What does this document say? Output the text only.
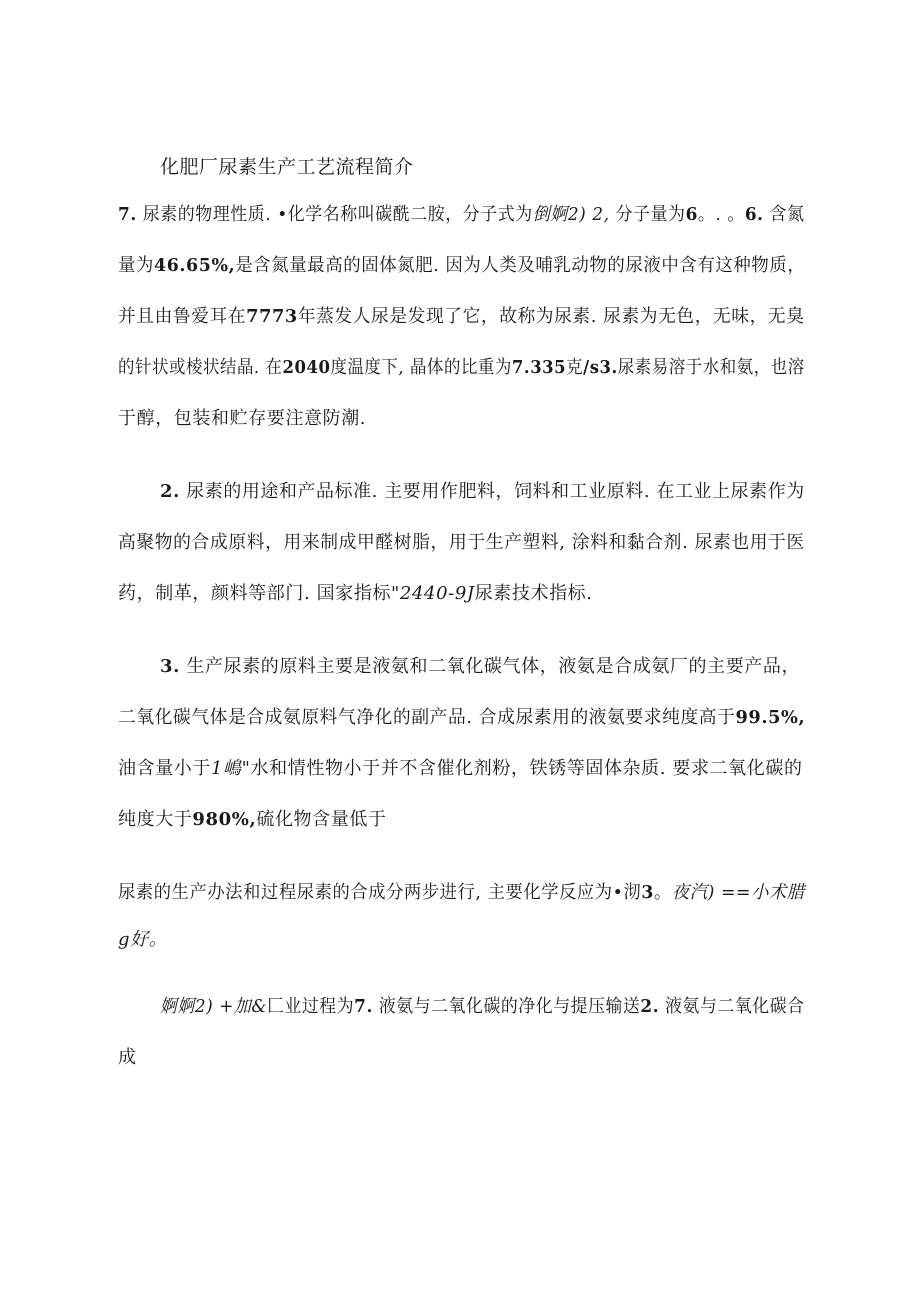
化肥厂尿素生产工艺流程简介
7. 尿素的物理性质. •化学名称叫碳酰二胺，分子式为倒婀2) 2, 分子量为6。. 。6. 含氮
量为46.65%,是含氮量最高的固体氮肥. 因为人类及哺乳动物的尿液中含有这种物质，
并且由鲁爱耳在7773年蒸发人尿是发现了它，故称为尿素. 尿素为无色，无味，无臭
的针状或棱状结晶. 在2040度温度下, 晶体的比重为7.335克/s3.尿素易溶于水和氨，也溶
于醇，包装和贮存要注意防潮.
2. 尿素的用途和产品标准. 主要用作肥料，饲料和工业原料. 在工业上尿素作为
高聚物的合成原料，用来制成甲醛树脂，用于生产塑料, 涂料和黏合剂. 尿素也用于医
药，制革，颜料等部门. 国家指标"2440-9J尿素技术指标.
3. 生产尿素的原料主要是液氨和二氧化碳气体，液氨是合成氨厂的主要产品，
二氧化碳气体是合成氨原料气净化的副产品. 合成尿素用的液氨要求纯度高于99.5%,
油含量小于1嶋"水和情性物小于并不含催化剂粉，铁锈等固体杂质. 要求二氧化碳的
纯度大于980%,硫化物含量低于
尿素的生产办法和过程尿素的合成分两步进行, 主要化学反应为•沏3。夜汽) ==小术腊
g好。
婀婀2) +加&匚业过程为7. 液氨与二氧化碳的净化与提压输送2. 液氨与二氧化碳合
成
